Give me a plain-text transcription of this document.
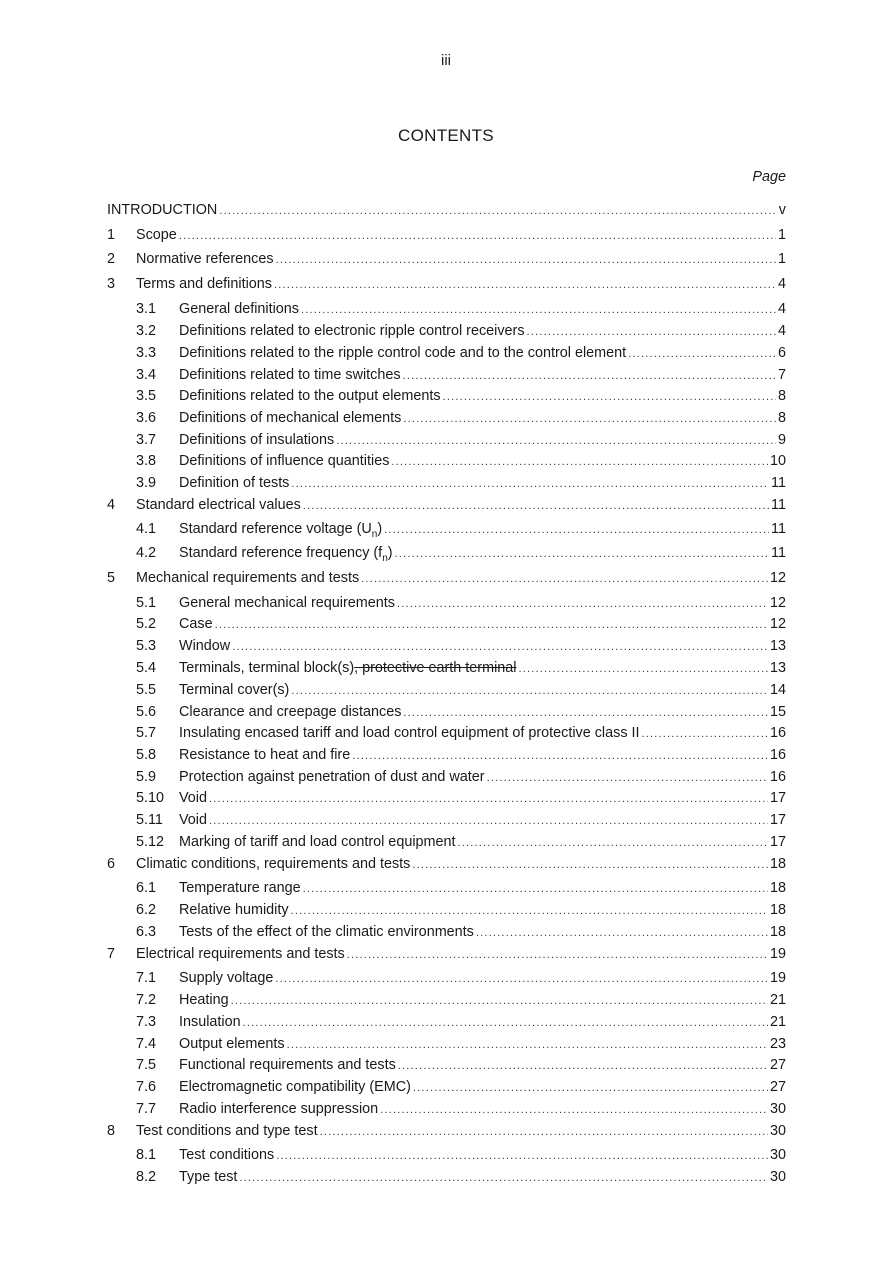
iii
CONTENTS
Page
INTRODUCTION .....	v
1	Scope .....	1
2	Normative references .....	1
3	Terms and definitions .....	4
3.1	General definitions .....	4
3.2	Definitions related to electronic ripple control receivers .....	4
3.3	Definitions related to the ripple control code and to the control element .....	6
3.4	Definitions related to time switches .....	7
3.5	Definitions related to the output elements .....	8
3.6	Definitions of mechanical elements .....	8
3.7	Definitions of insulations .....	9
3.8	Definitions of influence quantities .....	10
3.9	Definition of tests .....	11
4	Standard electrical values .....	11
4.1	Standard reference voltage $(U_n)$ .....	11
4.2	Standard reference frequency $(f_n)$ .....	11
5	Mechanical requirements and tests .....	12
5.1	General mechanical requirements .....	12
5.2	Case .....	12
5.3	Window .....	13
5.4	Terminals, terminal block(s), protective earth terminal .....	13
5.5	Terminal cover(s) .....	14
5.6	Clearance and creepage distances .....	15
5.7	Insulating encased tariff and load control equipment of protective class II .....	16
5.8	Resistance to heat and fire .....	16
5.9	Protection against penetration of dust and water .....	16
5.10	Void .....	17
5.11	Void .....	17
5.12	Marking of tariff and load control equipment .....	17
6	Climatic conditions, requirements and tests .....	18
6.1	Temperature range .....	18
6.2	Relative humidity .....	18
6.3	Tests of the effect of the climatic environments .....	18
7	Electrical requirements and tests .....	19
7.1	Supply voltage .....	19
7.2	Heating .....	21
7.3	Insulation .....	21
7.4	Output elements .....	23
7.5	Functional requirements and tests .....	27
7.6	Electromagnetic compatibility (EMC) .....	27
7.7	Radio interference suppression .....	30
8	Test conditions and type test .....	30
8.1	Test conditions .....	30
8.2	Type test .....	30
